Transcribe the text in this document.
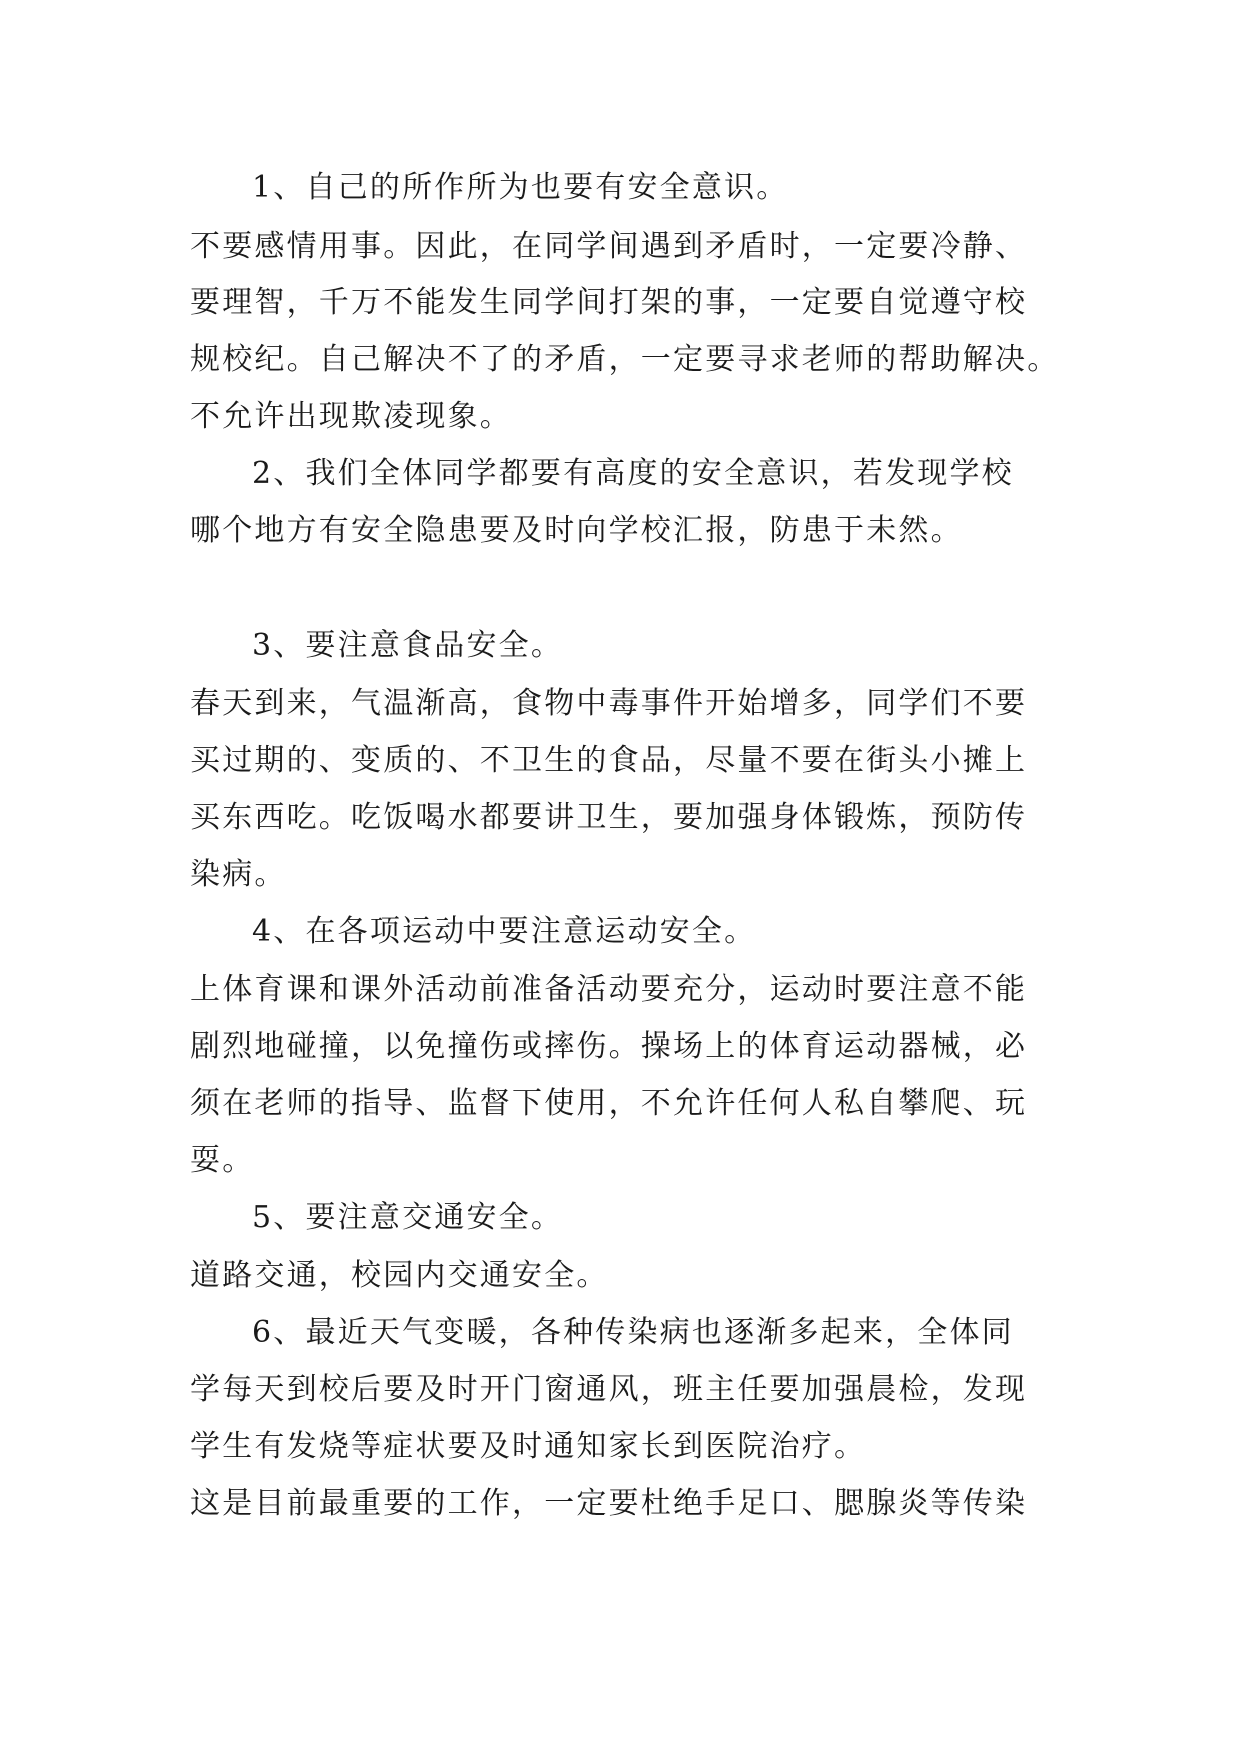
1、自己的所作所为也要有安全意识。
不要感情用事。因此，在同学间遇到矛盾时，一定要冷静、
要理智，千万不能发生同学间打架的事，一定要自觉遵守校
规校纪。自己解决不了的矛盾，一定要寻求老师的帮助解决。
不允许出现欺凌现象。
2、我们全体同学都要有高度的安全意识，若发现学校
哪个地方有安全隐患要及时向学校汇报，防患于未然。
3、要注意食品安全。
春天到来，气温渐高，食物中毒事件开始增多，同学们不要
买过期的、变质的、不卫生的食品，尽量不要在街头小摊上
买东西吃。吃饭喝水都要讲卫生，要加强身体锻炼，预防传
染病。
4、在各项运动中要注意运动安全。
上体育课和课外活动前准备活动要充分，运动时要注意不能
剧烈地碰撞，以免撞伤或摔伤。操场上的体育运动器械，必
须在老师的指导、监督下使用，不允许任何人私自攀爬、玩
耍。
5、要注意交通安全。
道路交通，校园内交通安全。
6、最近天气变暖，各种传染病也逐渐多起来，全体同
学每天到校后要及时开门窗通风，班主任要加强晨检，发现
学生有发烧等症状要及时通知家长到医院治疗。
这是目前最重要的工作，一定要杜绝手足口、腮腺炎等传染
